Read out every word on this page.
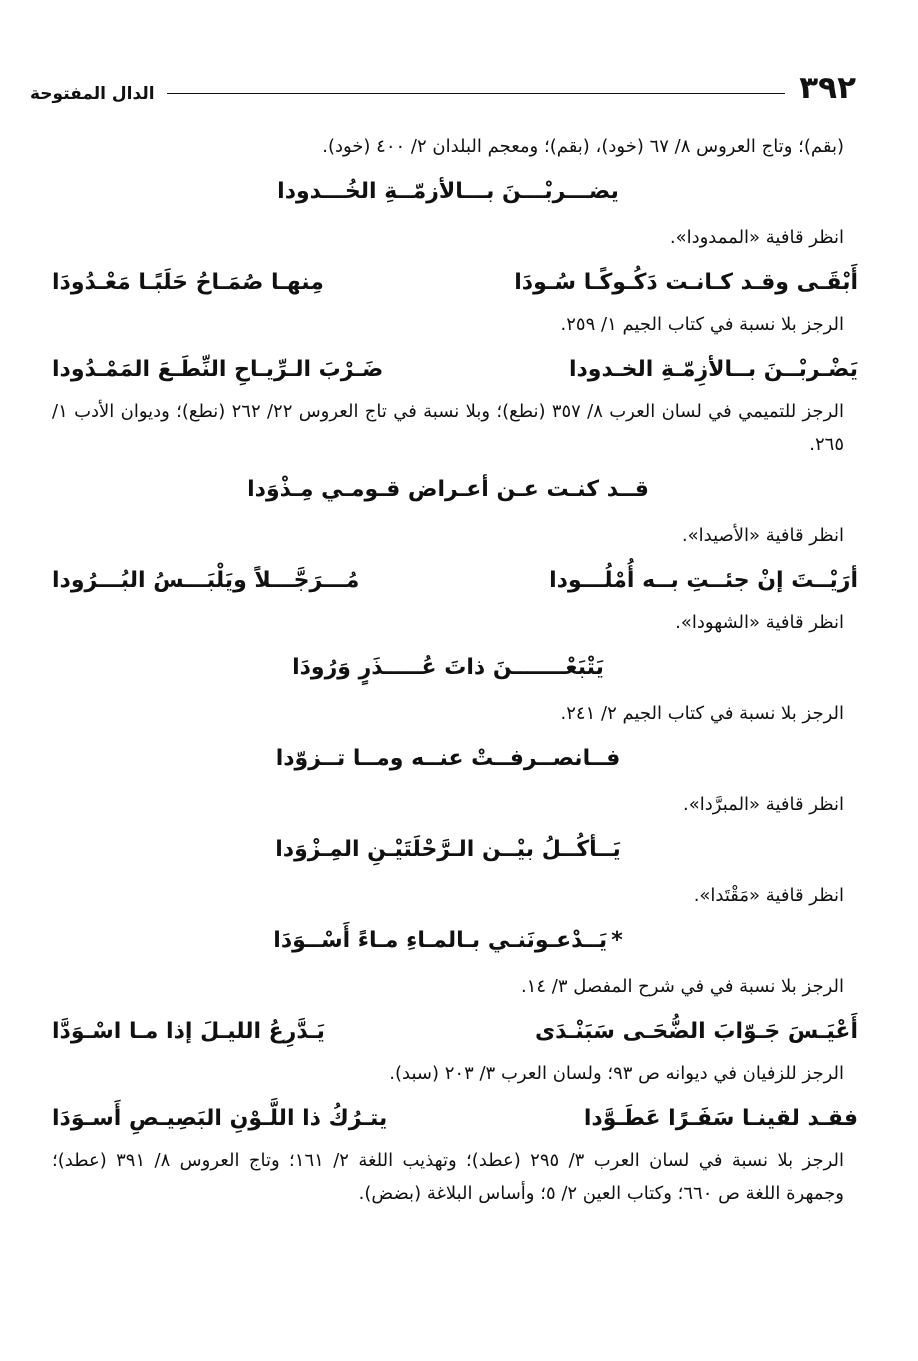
٣٩٢
الدال المفتوحة
(بقم)؛ وتاج العروس ٨/ ٦٧ (خود)، (بقم)؛ ومعجم البلدان ٢/ ٤٠٠ (خود).
يضـــربْـــنَ بـــالأزمّــةِ الخُـــدودا
انظر قافية «الممدودا».
أَبْقَـى وقـد كـانـت دَكُـوكًـا سُـودَا
مِنهـا صُمَـاحُ حَلَبًـا مَعْـدُودَا
الرجز بلا نسبة في كتاب الجيم ١/ ٢٥٩.
يَضْـربْــنَ بــالأزِمّـةِ الخـدودا
ضَـرْبَ الـرِّيـاحِ النِّطَـعَ المَمْـدُودا
الرجز للتميمي في لسان العرب ٨/ ٣٥٧ (نطع)؛ وبلا نسبة في تاج العروس ٢٢/ ٢٦٢ (نطع)؛ وديوان الأدب ١/ ٢٦٥.
قــد كنـت عـن أعـراض قـومـي مِـذْوَدا
انظر قافية «الأصيدا».
أرَيْــتَ إنْ جئــتِ بــه أُمْلُـــودا
مُـــرَجَّـــلاً ويَلْبَـــسُ البُـــرُودا
انظر قافية «الشهودا».
يَتْبَعْـــــــنَ ذاتَ عُـــــذَرٍ وَرُودَا
الرجز بلا نسبة في كتاب الجيم ٢/ ٢٤١.
فــانصــرفــتْ عنــه ومــا تــزوّدا
انظر قافية «المبرَّدا».
يَــأكُــلُ بيْــن الـرَّحْلَتَيْـنِ المِـزْوَدا
انظر قافية «مَقْتَدا».
*يَــدْعـونَنـي بـالمـاءِ مـاءً أَسْــوَدَا
الرجز بلا نسبة في في شرح المفصل ٣/ ١٤.
أَعْيَـسَ جَـوّابَ الضُّحَـى سَبَنْـدَى
يَـدَّرِعُ الليـلَ إذا مـا اسْـوَدَّا
الرجز للزفيان في ديوانه ص ٩٣؛ ولسان العرب ٣/ ٢٠٣ (سبد).
فقـد لقينـا سَفَـرًا عَطَـوَّدا
يتـرُكُ ذا اللَّـوْنِ البَصِيـصِ أَسـوَدَا
الرجز بلا نسبة في لسان العرب ٣/ ٢٩٥ (عطد)؛ وتهذيب اللغة ٢/ ١٦١؛ وتاج العروس ٨/ ٣٩١ (عطد)؛ وجمهرة اللغة ص ٦٦٠؛ وكتاب العين ٢/ ٥؛ وأساس البلاغة (بضض).
